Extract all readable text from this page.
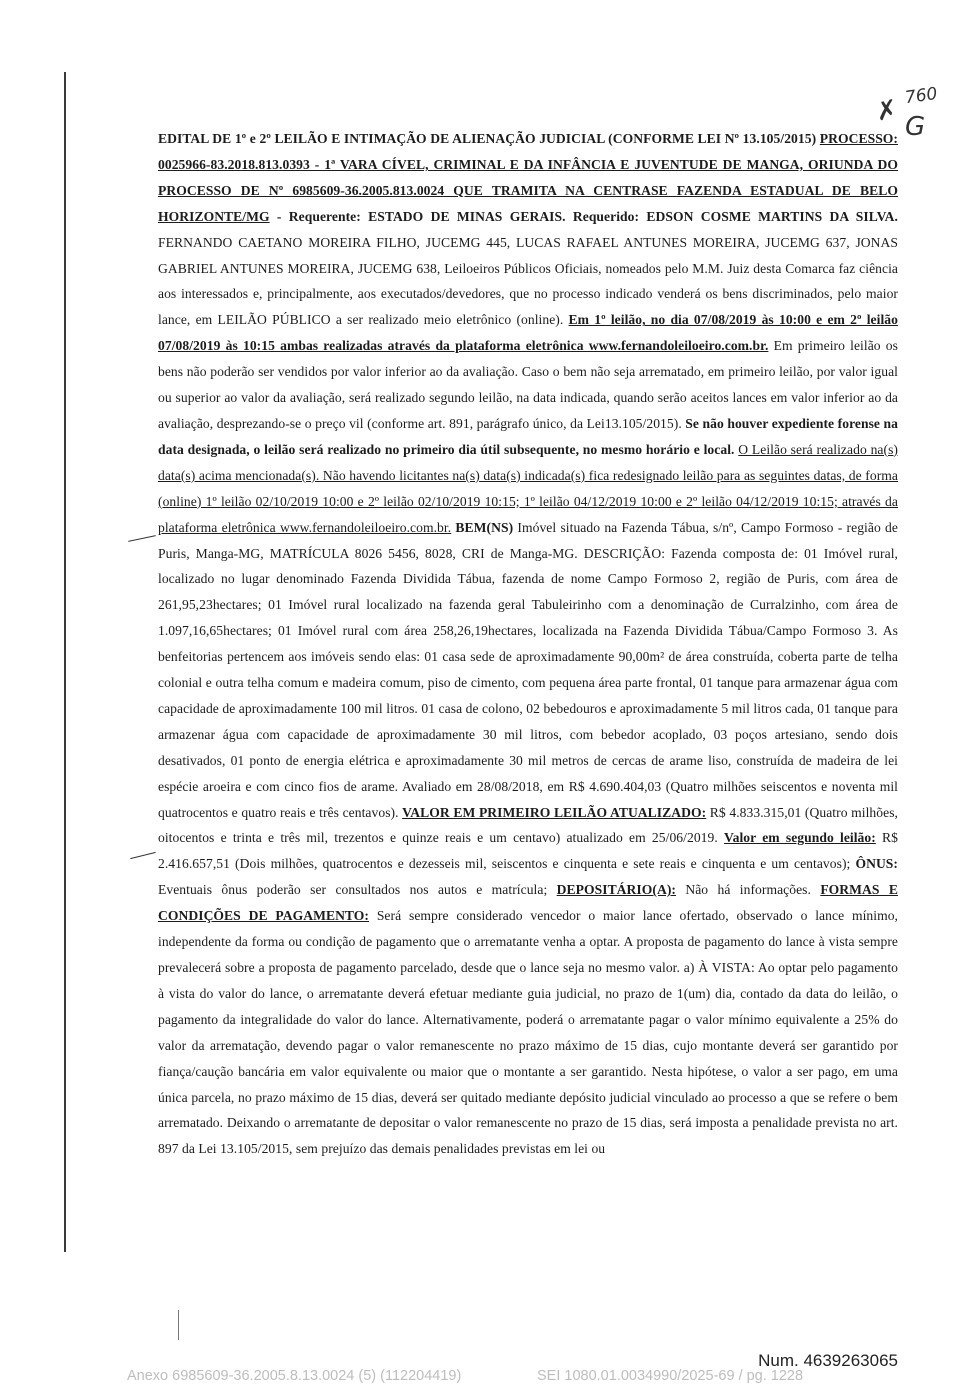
760
✗ G

EDITAL DE 1º e 2º LEILÃO E INTIMAÇÃO DE ALIENAÇÃO JUDICIAL (CONFORME LEI Nº 13.105/2015) PROCESSO: 0025966-83.2018.813.0393 - 1ª VARA CÍVEL, CRIMINAL E DA INFÂNCIA E JUVENTUDE DE MANGA, ORIUNDA DO PROCESSO DE Nº 6985609-36.2005.813.0024 QUE TRAMITA NA CENTRASE FAZENDA ESTADUAL DE BELO HORIZONTE/MG - Requerente: ESTADO DE MINAS GERAIS. Requerido: EDSON COSME MARTINS DA SILVA. FERNANDO CAETANO MOREIRA FILHO, JUCEMG 445, LUCAS RAFAEL ANTUNES MOREIRA, JUCEMG 637, JONAS GABRIEL ANTUNES MOREIRA, JUCEMG 638, Leiloeiros Públicos Oficiais, nomeados pelo M.M. Juiz desta Comarca faz ciência aos interessados e, principalmente, aos executados/devedores, que no processo indicado venderá os bens discriminados, pelo maior lance, em LEILÃO PÚBLICO a ser realizado meio eletrônico (online). Em 1º leilão, no dia 07/08/2019 às 10:00 e em 2º leilão 07/08/2019 às 10:15 ambas realizadas através da plataforma eletrônica www.fernandoleiloeiro.com.br. Em primeiro leilão os bens não poderão ser vendidos por valor inferior ao da avaliação. Caso o bem não seja arrematado, em primeiro leilão, por valor igual ou superior ao valor da avaliação, será realizado segundo leilão, na data indicada, quando serão aceitos lances em valor inferior ao da avaliação, desprezando-se o preço vil (conforme art. 891, parágrafo único, da Lei13.105/2015). Se não houver expediente forense na data designada, o leilão será realizado no primeiro dia útil subsequente, no mesmo horário e local. O Leilão será realizado na(s) data(s) acima mencionada(s). Não havendo licitantes na(s) data(s) indicada(s) fica redesignado leilão para as seguintes datas, de forma (online) 1º leilão 02/10/2019 10:00 e 2º leilão 02/10/2019 10:15; 1º leilão 04/12/2019 10:00 e 2º leilão 04/12/2019 10:15; através da plataforma eletrônica www.fernandoleiloeiro.com.br. BEM(NS) Imóvel situado na Fazenda Tábua, s/nº, Campo Formoso - região de Puris, Manga-MG, MATRÍCULA 8026 5456, 8028, CRI de Manga-MG. DESCRIÇÃO: Fazenda composta de: 01 Imóvel rural, localizado no lugar denominado Fazenda Dividida Tábua, fazenda de nome Campo Formoso 2, região de Puris, com área de 261,95,23hectares; 01 Imóvel rural localizado na fazenda geral Tabuleirinho com a denominação de Curralzinho, com área de 1.097,16,65hectares; 01 Imóvel rural com área 258,26,19hectares, localizada na Fazenda Dividida Tábua/Campo Formoso 3. As benfeitorias pertencem aos imóveis sendo elas: 01 casa sede de aproximadamente 90,00m² de área construída, coberta parte de telha colonial e outra telha comum e madeira comum, piso de cimento, com pequena área parte frontal, 01 tanque para armazenar água com capacidade de aproximadamente 100 mil litros. 01 casa de colono, 02 bebedouros e aproximadamente 5 mil litros cada, 01 tanque para armazenar água com capacidade de aproximadamente 30 mil litros, com bebedor acoplado, 03 poços artesiano, sendo dois desativados, 01 ponto de energia elétrica e aproximadamente 30 mil metros de cercas de arame liso, construída de madeira de lei espécie aroeira e com cinco fios de arame. Avaliado em 28/08/2018, em R$ 4.690.404,03 (Quatro milhões seiscentos e noventa mil quatrocentos e quatro reais e três centavos). VALOR EM PRIMEIRO LEILÃO ATUALIZADO: R$ 4.833.315,01 (Quatro milhões, oitocentos e trinta e três mil, trezentos e quinze reais e um centavo) atualizado em 25/06/2019. Valor em segundo leilão: R$ 2.416.657,51 (Dois milhões, quatrocentos e dezesseis mil, seiscentos e cinquenta e sete reais e cinquenta e um centavos); ÔNUS: Eventuais ônus poderão ser consultados nos autos e matrícula; DEPOSITÁRIO(A): Não há informações. FORMAS E CONDIÇÕES DE PAGAMENTO: Será sempre considerado vencedor o maior lance ofertado, observado o lance mínimo, independente da forma ou condição de pagamento que o arrematante venha a optar. A proposta de pagamento do lance à vista sempre prevalecerá sobre a proposta de pagamento parcelado, desde que o lance seja no mesmo valor. a) À VISTA: Ao optar pelo pagamento à vista do valor do lance, o arrematante deverá efetuar mediante guia judicial, no prazo de 1(um) dia, contado da data do leilão, o pagamento da integralidade do valor do lance. Alternativamente, poderá o arrematante pagar o valor mínimo equivalente a 25% do valor da arrematação, devendo pagar o valor remanescente no prazo máximo de 15 dias, cujo montante deverá ser garantido por fiança/caução bancária em valor equivalente ou maior que o montante a ser garantido. Nesta hipótese, o valor a ser pago, em uma única parcela, no prazo máximo de 15 dias, deverá ser quitado mediante depósito judicial vinculado ao processo a que se refere o bem arrematado. Deixando o arrematante de depositar o valor remanescente no prazo de 15 dias, será imposta a penalidade prevista no art. 897 da Lei 13.105/2015, sem prejuízo das demais penalidades previstas em lei ou

Num. 4639263065
Anexo 6985609-36.2005.8.13.0024 (5) (112204419)	SEI 1080.01.0034990/2025-69 / pg. 1228
